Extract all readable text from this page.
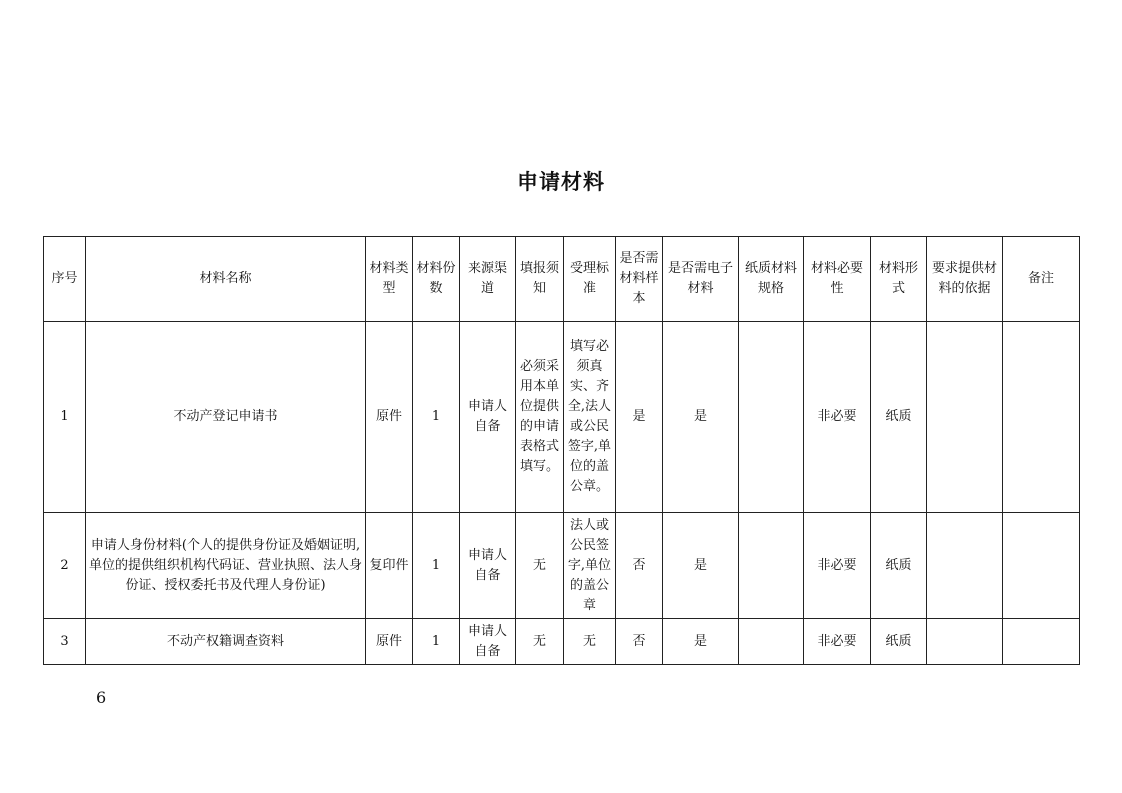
申请材料
序号	材料名称	材料类型	材料份数	来源渠道	填报须知	受理标准	是否需材料样本	是否需电子材料	纸质材料规格	材料必要性	材料形式	要求提供材料的依据	备注
1	不动产登记申请书	原件	1	申请人自备	必须采用本单位提供的申请表格式填写。	填写必须真实、齐全,法人或公民签字,单位的盖公章。	是	是		非必要	纸质		
2	申请人身份材料(个人的提供身份证及婚姻证明,单位的提供组织机构代码证、营业执照、法人身份证、授权委托书及代理人身份证)	复印件	1	申请人自备	无	法人或公民签字,单位的盖公章	否	是		非必要	纸质		
3	不动产权籍调查资料	原件	1	申请人自备	无	无	否	是		非必要	纸质		
6
